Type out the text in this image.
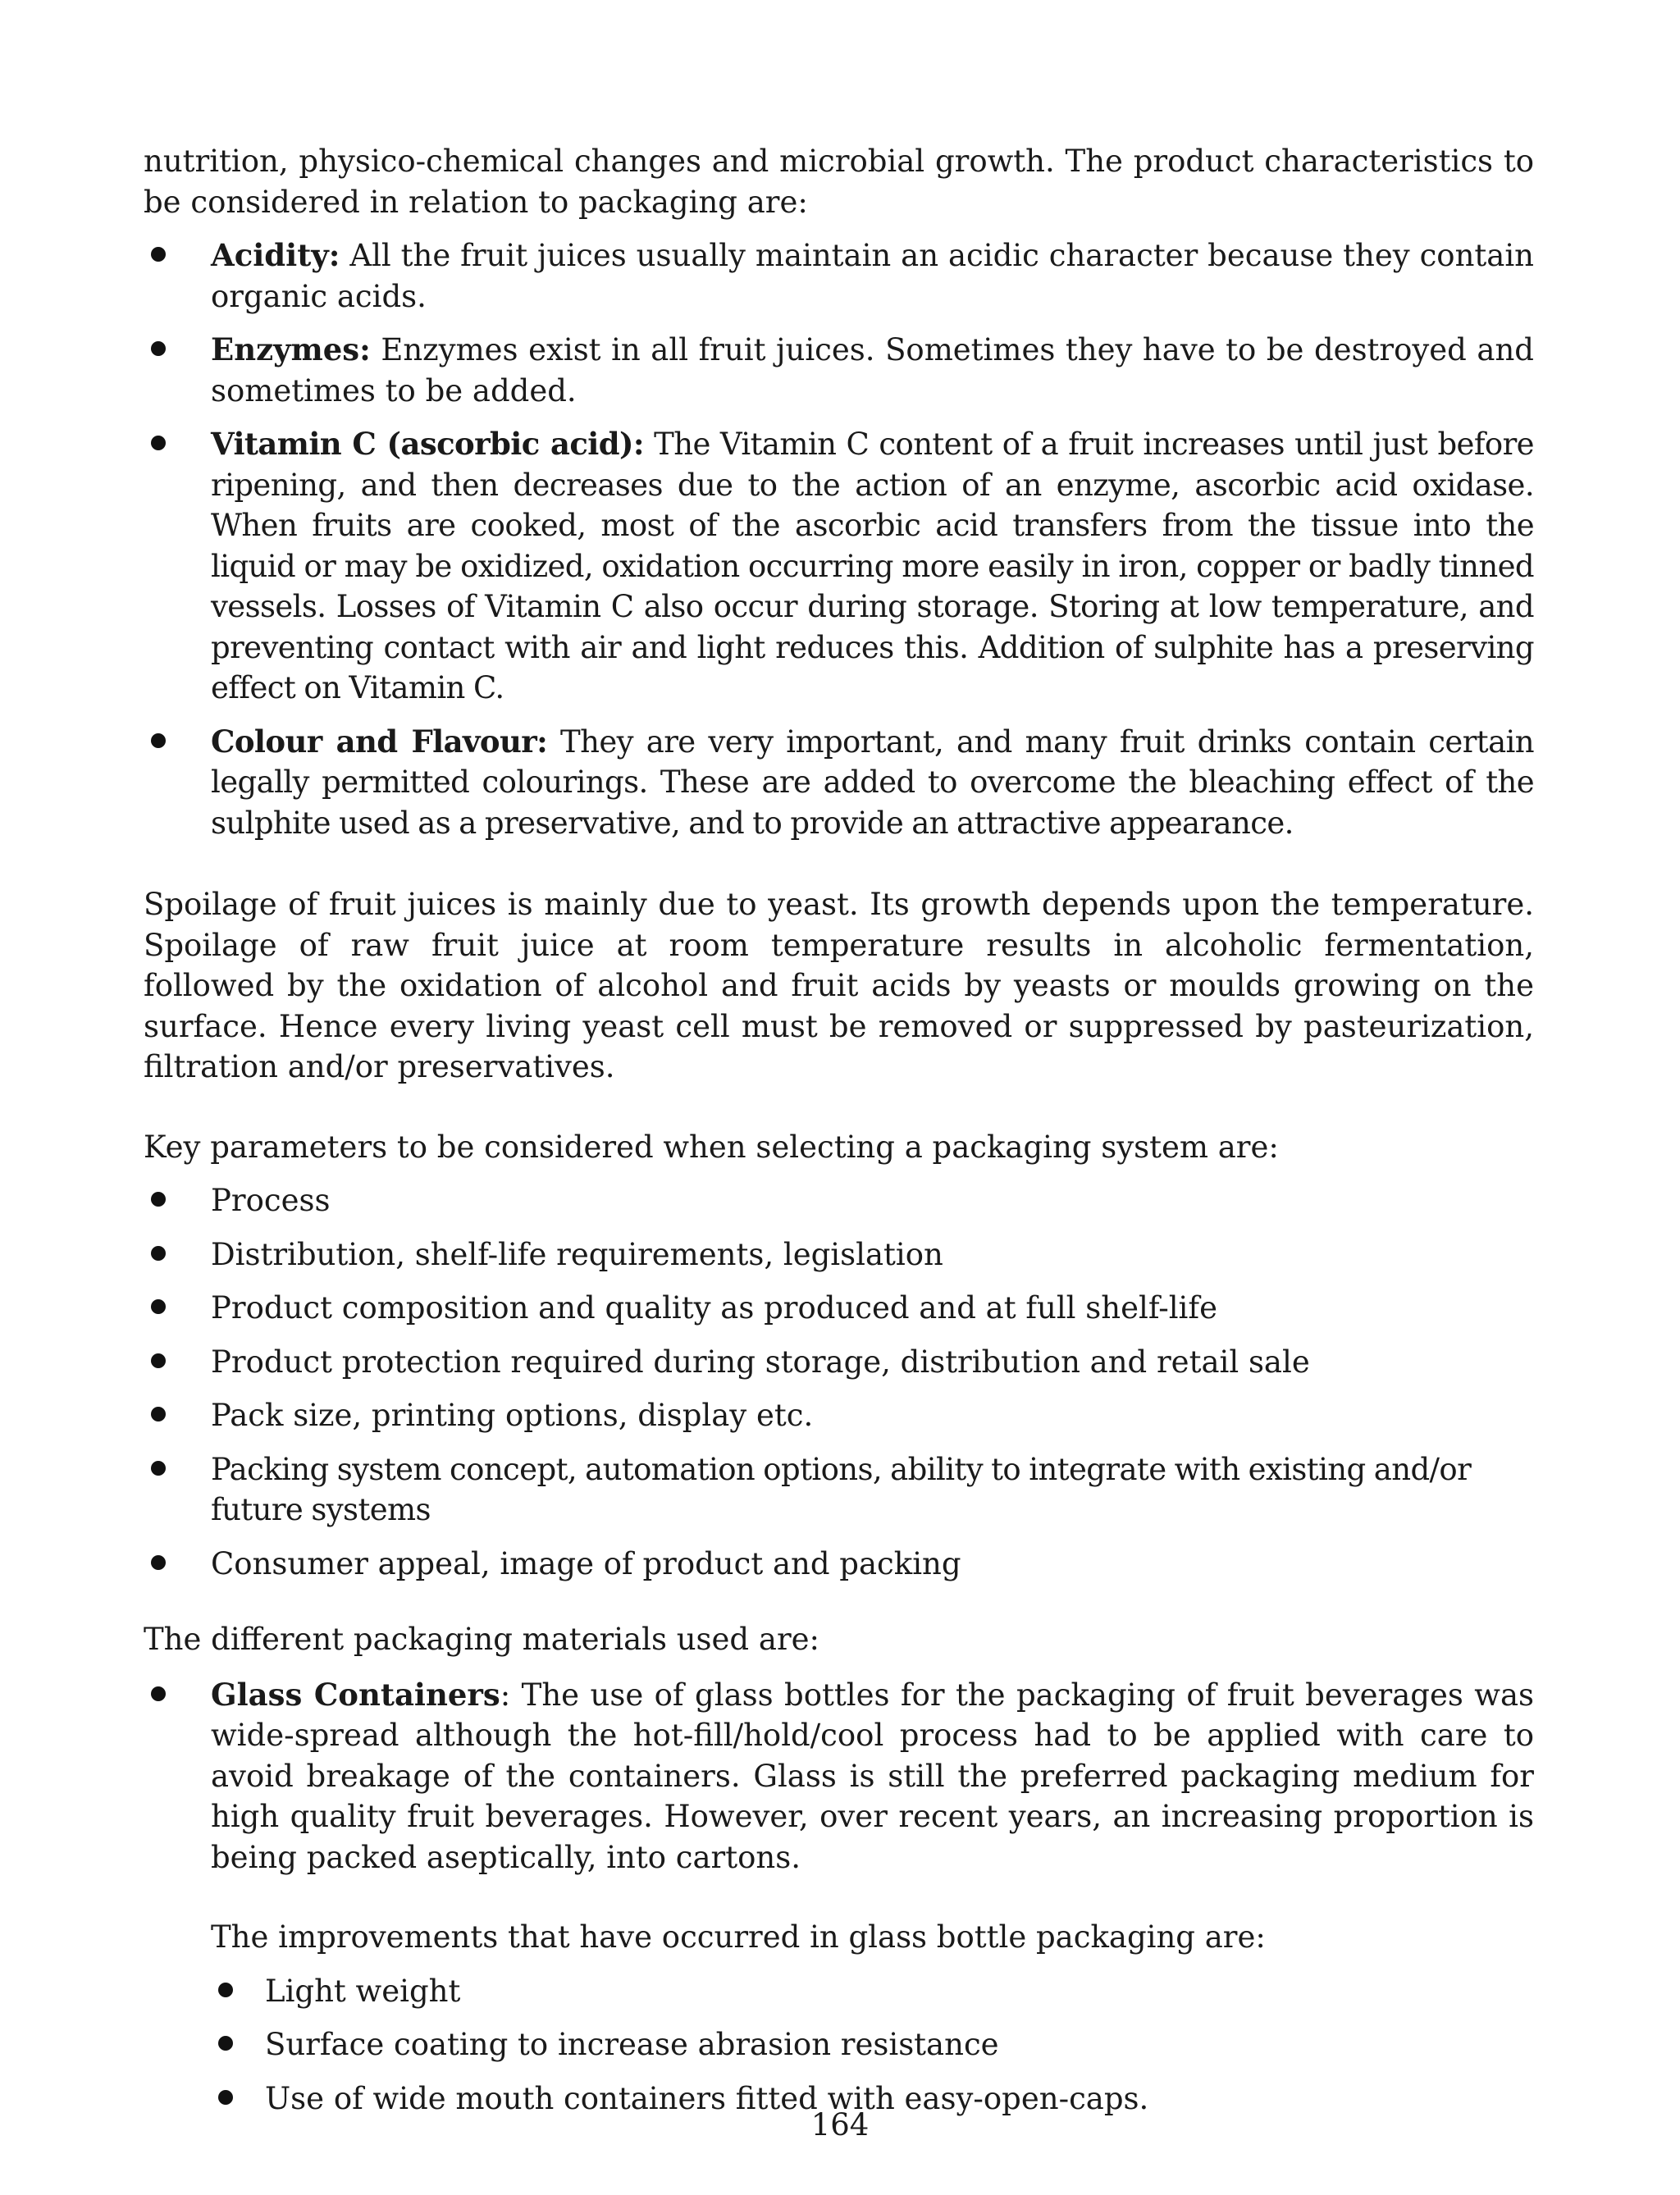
nutrition, physico-chemical changes and microbial growth. The product characteristics to be considered in relation to packaging are:

Acidity: All the fruit juices usually maintain an acidic character because they contain organic acids.

Enzymes: Enzymes exist in all fruit juices. Sometimes they have to be destroyed and sometimes to be added.

Vitamin C (ascorbic acid): The Vitamin C content of a fruit increases until just before ripening, and then decreases due to the action of an enzyme, ascorbic acid oxidase. When fruits are cooked, most of the ascorbic acid transfers from the tissue into the liquid or may be oxidized, oxidation occurring more easily in iron, copper or badly tinned vessels. Losses of Vitamin C also occur during storage. Storing at low temperature, and preventing contact with air and light reduces this. Addition of sulphite has a preserving effect on Vitamin C.

Colour and Flavour: They are very important, and many fruit drinks contain certain legally permitted colourings. These are added to overcome the bleaching effect of the sulphite used as a preservative, and to provide an attractive appearance.

Spoilage of fruit juices is mainly due to yeast. Its growth depends upon the temperature. Spoilage of raw fruit juice at room temperature results in alcoholic fermentation, followed by the oxidation of alcohol and fruit acids by yeasts or moulds growing on the surface. Hence every living yeast cell must be removed or suppressed by pasteurization, filtration and/or preservatives.

Key parameters to be considered when selecting a packaging system are:

Process
Distribution, shelf-life requirements, legislation
Product composition and quality as produced and at full shelf-life
Product protection required during storage, distribution and retail sale
Pack size, printing options, display etc.
Packing system concept, automation options, ability to integrate with existing and/or future systems
Consumer appeal, image of product and packing

The different packaging materials used are:

Glass Containers: The use of glass bottles for the packaging of fruit beverages was wide-spread although the hot-fill/hold/cool process had to be applied with care to avoid breakage of the containers. Glass is still the preferred packaging medium for high quality fruit beverages. However, over recent years, an increasing proportion is being packed aseptically, into cartons.

The improvements that have occurred in glass bottle packaging are:

Light weight
Surface coating to increase abrasion resistance
Use of wide mouth containers fitted with easy-open-caps.
164
